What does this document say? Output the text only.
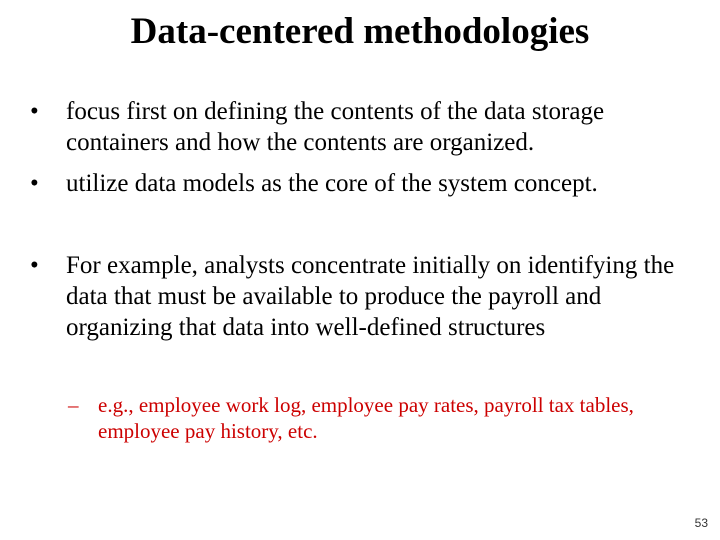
Data-centered methodologies
•	focus first on defining the contents of the data storage containers and how the contents are organized.
•	utilize data models as the core of the system concept.
•	For example, analysts concentrate initially on identifying the data that must be available to produce the payroll and organizing that data into well-defined structures
– e.g., employee work log, employee pay rates, payroll tax tables, employee pay history, etc.
53
